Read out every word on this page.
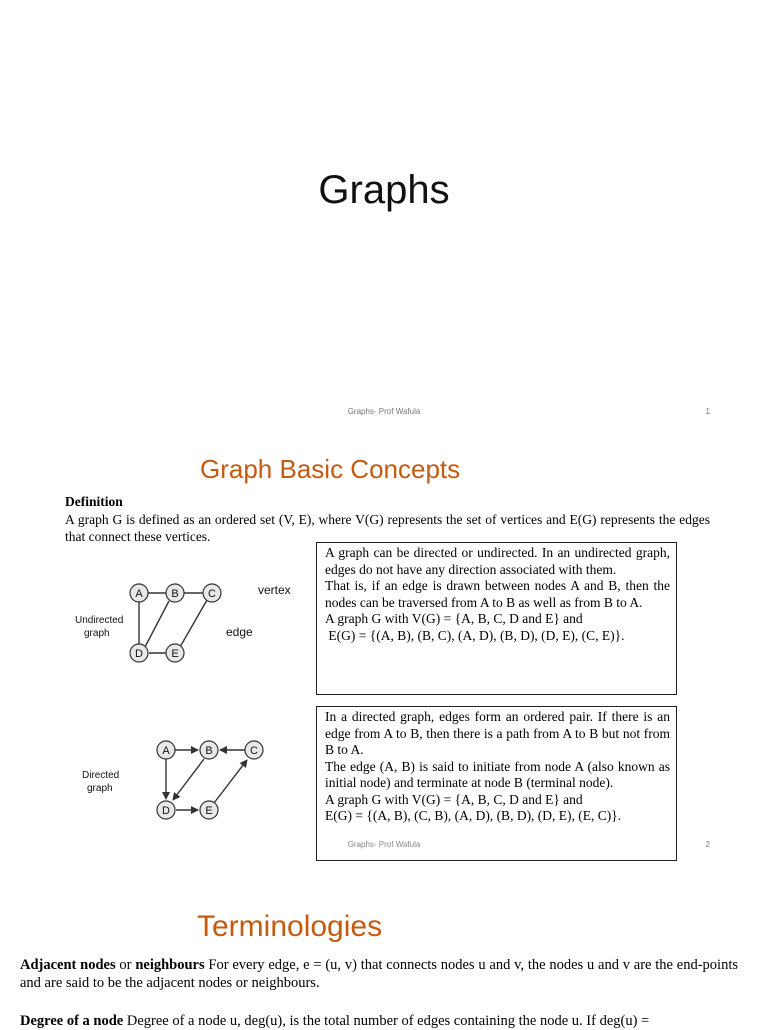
Graphs
Graphs- Prof Wafula	1
Graph Basic Concepts
Definition
A graph G is defined as an ordered set (V, E), where V(G) represents the set of vertices and E(G) represents the edges that connect these vertices.
A	B	C
D	E
Undirected
graph
vertex
edge
A	B	C
D	E
Directed
graph

A graph can be directed or undirected. In an undirected graph, edges do not have any direction associated with them.

That is, if an edge is drawn between nodes A and B, then the nodes can be traversed from A to B as well as from B to A.

A graph G with V(G) = {A, B, C, D and E} and

E(G) = {(A, B), (B, C), (A, D), (B, D), (D, E), (C, E)}.

In a directed graph, edges form an ordered pair. If there is an edge from A to B, then there is a path from A to B but not from B to A.

The edge (A, B) is said to initiate from node A (also known as initial node) and terminate at node B (terminal node).

A graph G with V(G) = {A, B, C, D and E} and

E(G) = {(A, B), (C, B), (A, D), (B, D), (D, E), (E, C)}.

Graphs- Prof Wafula	2
Terminologies
Adjacent nodes or neighbours For every edge, e = (u, v) that connects nodes u and v, the nodes u and v are the end-points and are said to be the adjacent nodes or neighbours.
Degree of a node Degree of a node u, deg(u), is the total number of edges containing the node u. If deg(u) =
